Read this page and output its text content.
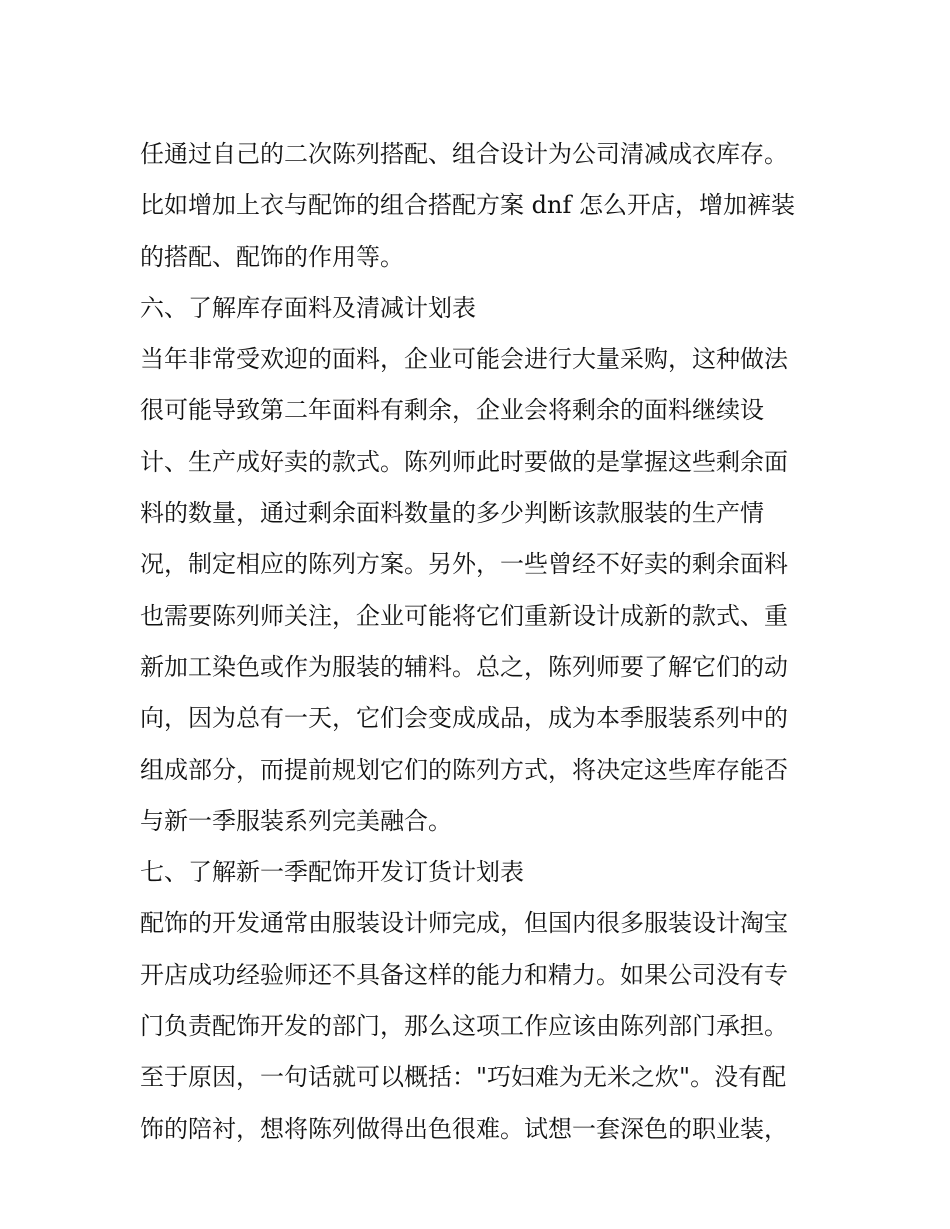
任通过自己的二次陈列搭配、组合设计为公司清减成衣库存。
比如增加上衣与配饰的组合搭配方案 dnf 怎么开店，增加裤装
的搭配、配饰的作用等。
六、了解库存面料及清减计划表
当年非常受欢迎的面料，企业可能会进行大量采购，这种做法
很可能导致第二年面料有剩余，企业会将剩余的面料继续设
计、生产成好卖的款式。陈列师此时要做的是掌握这些剩余面
料的数量，通过剩余面料数量的多少判断该款服装的生产情
况，制定相应的陈列方案。另外，一些曾经不好卖的剩余面料
也需要陈列师关注，企业可能将它们重新设计成新的款式、重
新加工染色或作为服装的辅料。总之，陈列师要了解它们的动
向，因为总有一天，它们会变成成品，成为本季服装系列中的
组成部分，而提前规划它们的陈列方式，将决定这些库存能否
与新一季服装系列完美融合。
七、了解新一季配饰开发订货计划表
配饰的开发通常由服装设计师完成，但国内很多服装设计淘宝
开店成功经验师还不具备这样的能力和精力。如果公司没有专
门负责配饰开发的部门，那么这项工作应该由陈列部门承担。
至于原因，一句话就可以概括："巧妇难为无米之炊"。没有配
饰的陪衬，想将陈列做得出色很难。试想一套深色的职业装，
